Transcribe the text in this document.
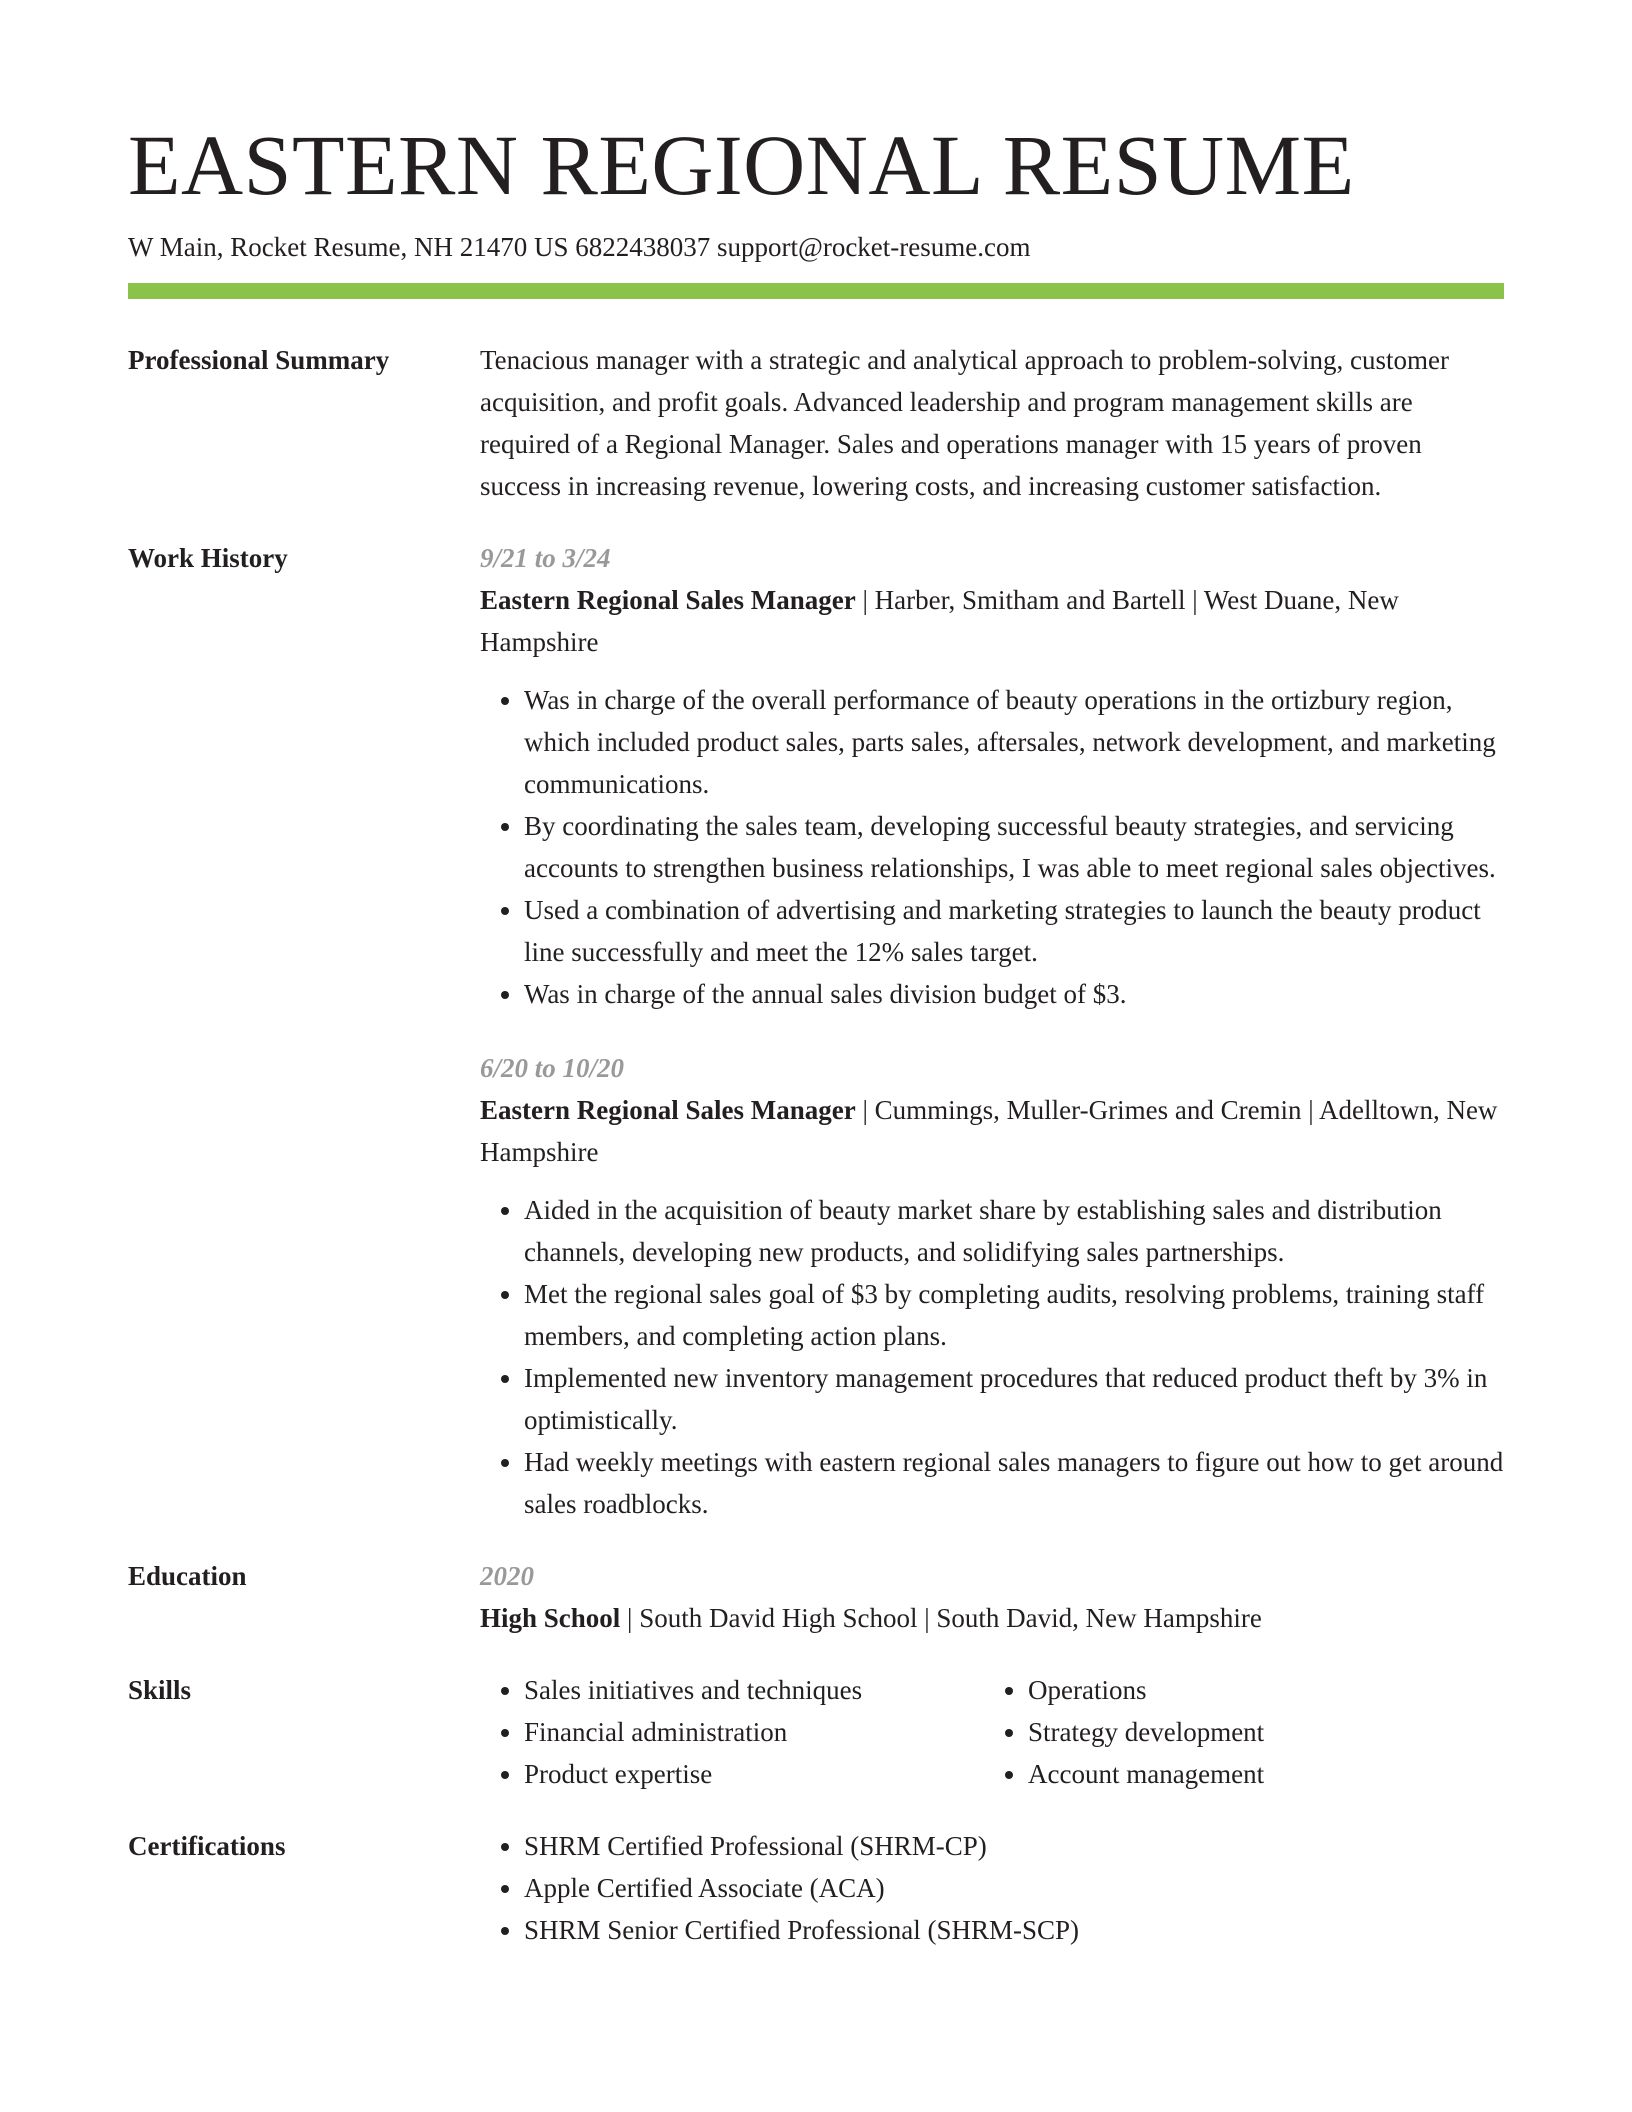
EASTERN REGIONAL RESUME
W Main, Rocket Resume, NH 21470 US 6822438037 support@rocket-resume.com
Professional Summary	Tenacious manager with a strategic and analytical approach to problem-solving, customer acquisition, and profit goals. Advanced leadership and program management skills are required of a Regional Manager. Sales and operations manager with 15 years of proven success in increasing revenue, lowering costs, and increasing customer satisfaction.
Work History	9/21 to 3/24
Eastern Regional Sales Manager | Harber, Smitham and Bartell | West Duane, New Hampshire
• Was in charge of the overall performance of beauty operations in the ortizbury region, which included product sales, parts sales, aftersales, network development, and marketing communications.
• By coordinating the sales team, developing successful beauty strategies, and servicing accounts to strengthen business relationships, I was able to meet regional sales objectives.
• Used a combination of advertising and marketing strategies to launch the beauty product line successfully and meet the 12% sales target.
• Was in charge of the annual sales division budget of $3.
6/20 to 10/20
Eastern Regional Sales Manager | Cummings, Muller-Grimes and Cremin | Adelltown, New Hampshire
• Aided in the acquisition of beauty market share by establishing sales and distribution channels, developing new products, and solidifying sales partnerships.
• Met the regional sales goal of $3 by completing audits, resolving problems, training staff members, and completing action plans.
• Implemented new inventory management procedures that reduced product theft by 3% in optimistically.
• Had weekly meetings with eastern regional sales managers to figure out how to get around sales roadblocks.
Education	2020
High School | South David High School | South David, New Hampshire
Skills	• Sales initiatives and techniques
• Financial administration
• Product expertise
• Operations
• Strategy development
• Account management
Certifications	• SHRM Certified Professional (SHRM-CP)
• Apple Certified Associate (ACA)
• SHRM Senior Certified Professional (SHRM-SCP)
